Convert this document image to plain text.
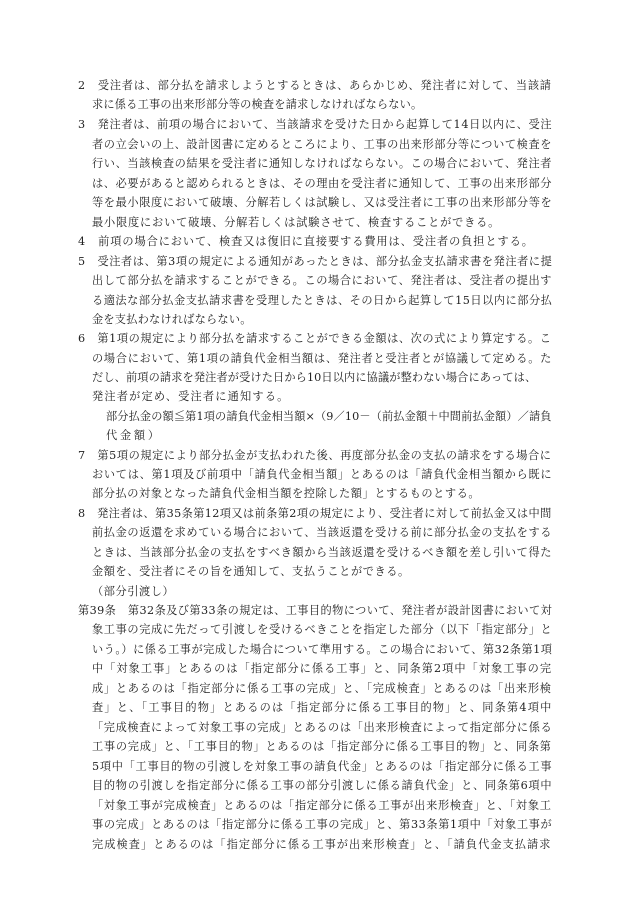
2　受注者は、部分払を請求しようとするときは、あらかじめ、発注者に対して、当該請
求に係る工事の出来形部分等の検査を請求しなければならない。
3　発注者は、前項の場合において、当該請求を受けた日から起算して14日以内に、受注
者の立会いの上、設計図書に定めるところにより、工事の出来形部分等について検査を
行い、当該検査の結果を受注者に通知しなければならない。この場合において、発注者
は、必要があると認められるときは、その理由を受注者に通知して、工事の出来形部分
等を最小限度において破壊、分解若しくは試験し、又は受注者に工事の出来形部分等を
最小限度において破壊、分解若しくは試験させて、検査することができる。
4　前項の場合において、検査又は復旧に直接要する費用は、受注者の負担とする。
5　受注者は、第3項の規定による通知があったときは、部分払金支払請求書を発注者に提
出して部分払を請求することができる。この場合において、発注者は、受注者の提出す
る適法な部分払金支払請求書を受理したときは、その日から起算して15日以内に部分払
金を支払わなければならない。
6　第1項の規定により部分払を請求することができる金額は、次の式により算定する。こ
の場合において、第1項の請負代金相当額は、発注者と受注者とが協議して定める。た
だし、前項の請求を発注者が受けた日から10日以内に協議が整わない場合にあっては、
発注者が定め、受注者に通知する。
部分払金の額≦第1項の請負代金相当額×（9／10－（前払金額＋中間前払金額）／請負
代金額）
7　第5項の規定により部分払金が支払われた後、再度部分払金の支払の請求をする場合に
おいては、第1項及び前項中「請負代金相当額」とあるのは「請負代金相当額から既に
部分払の対象となった請負代金相当額を控除した額」とするものとする。
8　発注者は、第35条第12項又は前条第2項の規定により、受注者に対して前払金又は中間
前払金の返還を求めている場合において、当該返還を受ける前に部分払金の支払をする
ときは、当該部分払金の支払をすべき額から当該返還を受けるべき額を差し引いて得た
金額を、受注者にその旨を通知して、支払うことができる。
（部分引渡し）
第39条　第32条及び第33条の規定は、工事目的物について、発注者が設計図書において対
象工事の完成に先だって引渡しを受けるべきことを指定した部分（以下「指定部分」と
いう。）に係る工事が完成した場合について準用する。この場合において、第32条第1項
中「対象工事」とあるのは「指定部分に係る工事」と、同条第2項中「対象工事の完
成」とあるのは「指定部分に係る工事の完成」と、「完成検査」とあるのは「出来形検
査」と、「工事目的物」とあるのは「指定部分に係る工事目的物」と、同条第4項中
「完成検査によって対象工事の完成」とあるのは「出来形検査によって指定部分に係る
工事の完成」と、「工事目的物」とあるのは「指定部分に係る工事目的物」と、同条第
5項中「工事目的物の引渡しを対象工事の請負代金」とあるのは「指定部分に係る工事
目的物の引渡しを指定部分に係る工事の部分引渡しに係る請負代金」と、同条第6項中
「対象工事が完成検査」とあるのは「指定部分に係る工事が出来形検査」と、「対象工
事の完成」とあるのは「指定部分に係る工事の完成」と、第33条第1項中「対象工事が
完成検査」とあるのは「指定部分に係る工事が出来形検査」と、「請負代金支払請求
